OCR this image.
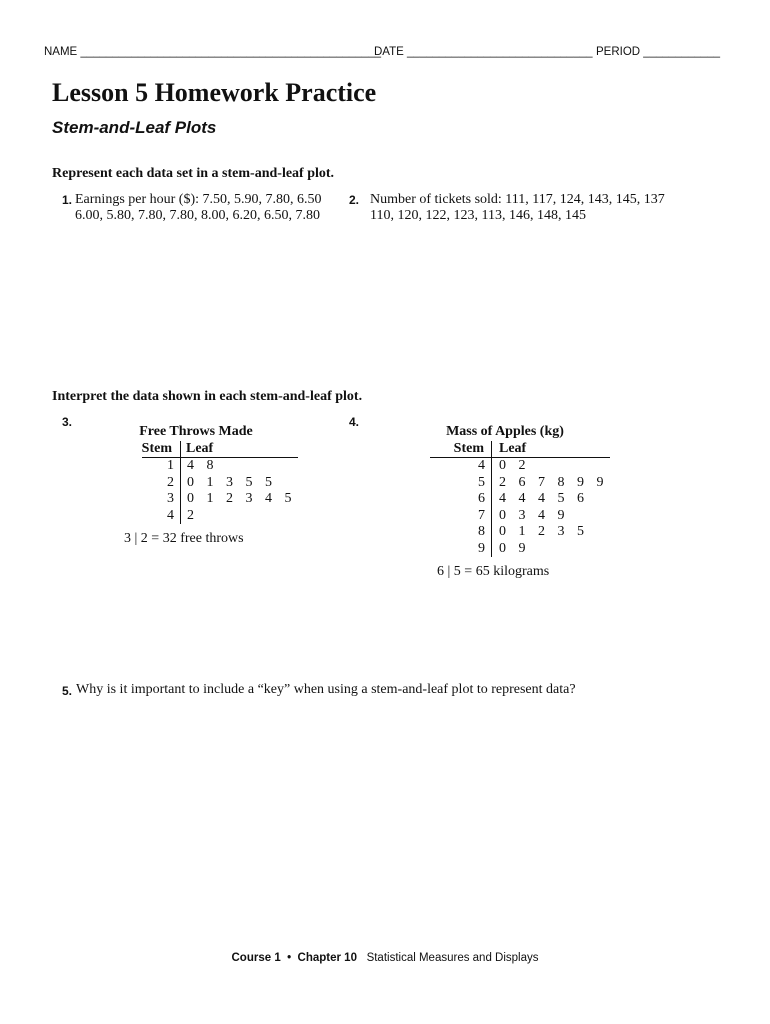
NAME _______________________________________________
DATE _____________________________ PERIOD ____________
Lesson 5 Homework Practice
Stem-and-Leaf Plots
Represent each data set in a stem-and-leaf plot.
1. Earnings per hour ($): 7.50, 5.90, 7.80, 6.50
6.00, 5.80, 7.80, 7.80, 8.00, 6.20, 6.50, 7.80
2. Number of tickets sold: 111, 117, 124, 143, 145, 137
110, 120, 122, 123, 113, 146, 148, 145
Interpret the data shown in each stem-and-leaf plot.
3.
Free Throws Made
Stem Leaf
1
2
3
4
4 8
0 1 3 5 5
0 1 2 3 4 5
2
3 | 2 = 32 free throws
4.
Mass of Apples (kg)
Stem Leaf
4
5
6
7
8
9
0 2
2 6 7 8 9 9
4 4 4 5 6
0 3 4 9
0 1 2 3 5
0 9
6 | 5 = 65 kilograms
5. Why is it important to include a “key” when using a stem-and-leaf plot to represent data?
Course 1 • Chapter 10 Statistical Measures and Displays
